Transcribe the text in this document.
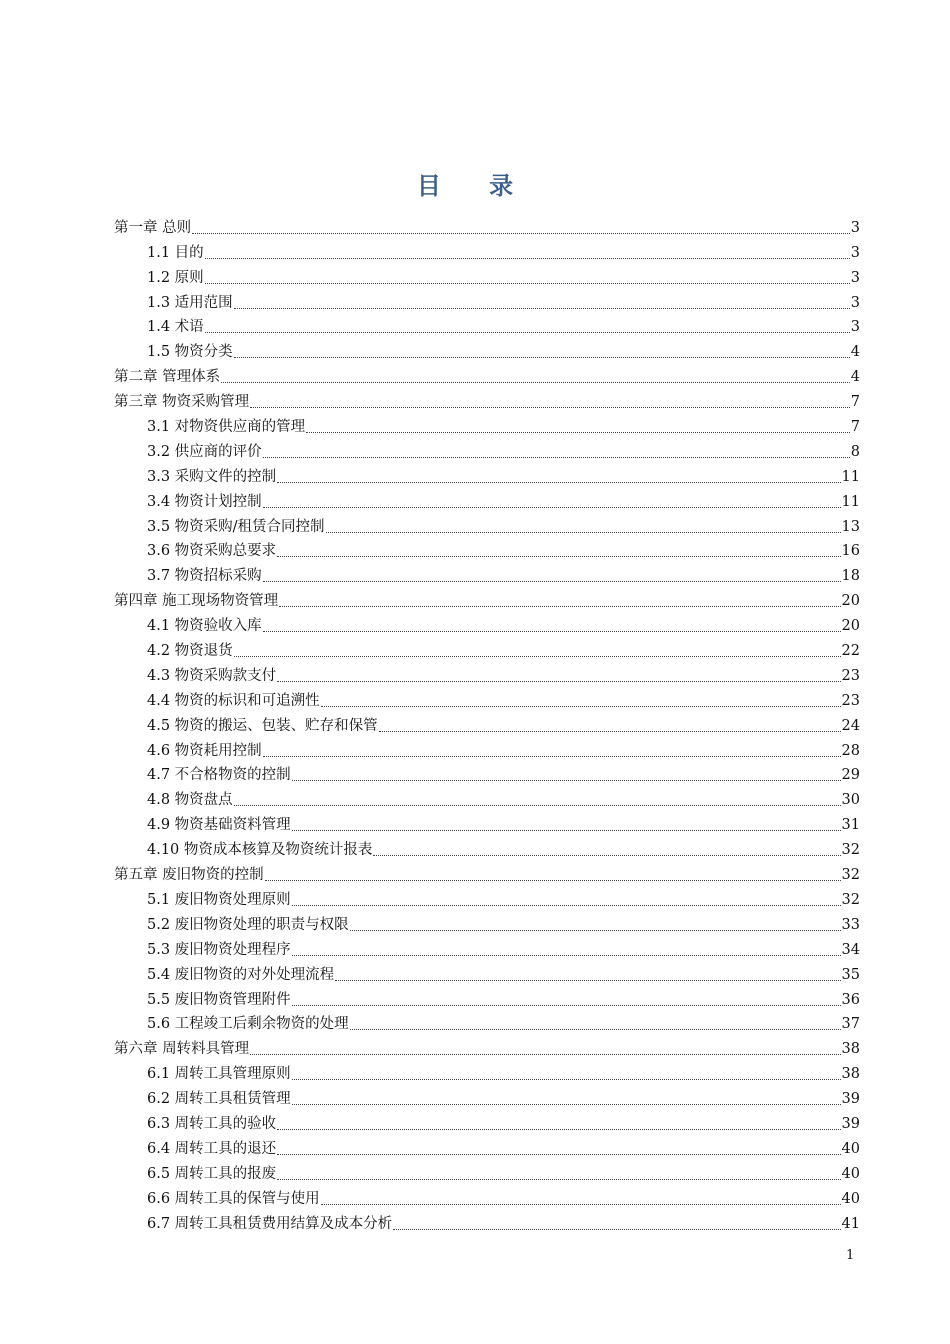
目 录
第一章 总则	3
1.1 目的	3
1.2 原则	3
1.3 适用范围	3
1.4 术语	3
1.5 物资分类	4
第二章 管理体系	4
第三章 物资采购管理	7
3.1 对物资供应商的管理	7
3.2 供应商的评价	8
3.3 采购文件的控制	11
3.4 物资计划控制	11
3.5 物资采购/租赁合同控制	13
3.6 物资采购总要求	16
3.7 物资招标采购	18
第四章 施工现场物资管理	20
4.1 物资验收入库	20
4.2 物资退货	22
4.3 物资采购款支付	23
4.4 物资的标识和可追溯性	23
4.5 物资的搬运、包装、贮存和保管	24
4.6 物资耗用控制	28
4.7 不合格物资的控制	29
4.8 物资盘点	30
4.9 物资基础资料管理	31
4.10 物资成本核算及物资统计报表	32
第五章 废旧物资的控制	32
5.1 废旧物资处理原则	32
5.2 废旧物资处理的职责与权限	33
5.3 废旧物资处理程序	34
5.4 废旧物资的对外处理流程	35
5.5 废旧物资管理附件	36
5.6 工程竣工后剩余物资的处理	37
第六章 周转料具管理	38
6.1 周转工具管理原则	38
6.2 周转工具租赁管理	39
6.3 周转工具的验收	39
6.4 周转工具的退还	40
6.5 周转工具的报废	40
6.6 周转工具的保管与使用	40
6.7 周转工具租赁费用结算及成本分析	41
1
